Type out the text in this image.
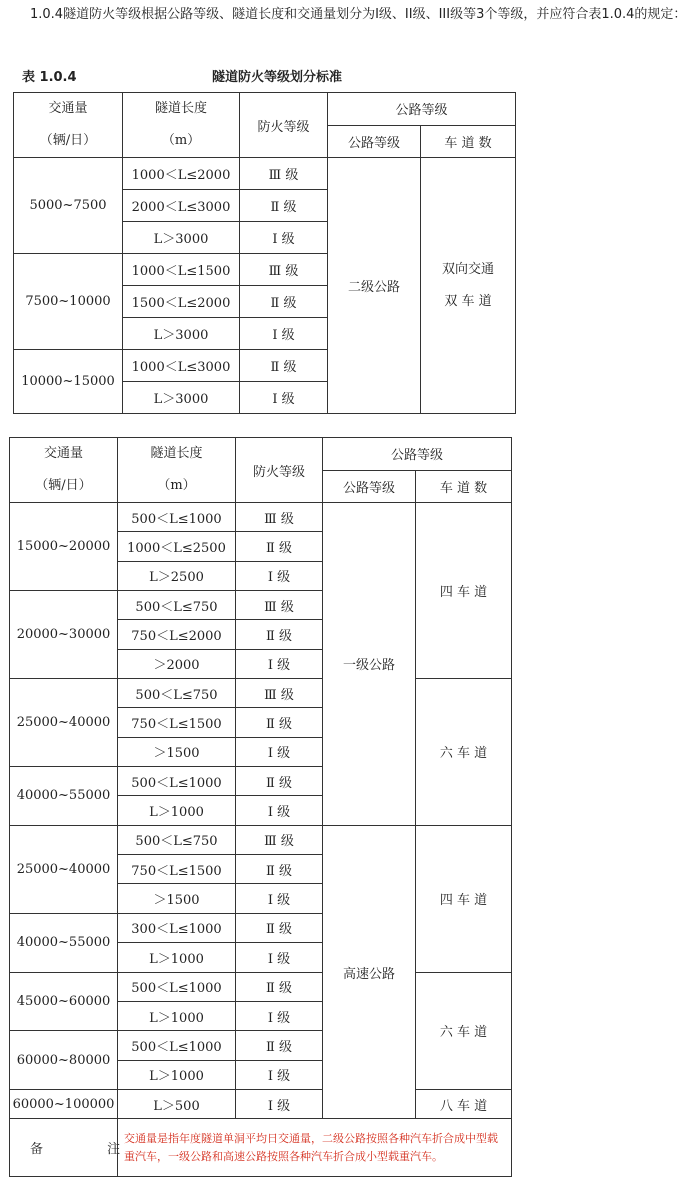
1.0.4隧道防火等级根据公路等级、隧道长度和交通量划分为I级、II级、III级等3个等级，并应符合表1.0.4的规定：

表 1.0.4	隧道防火等级划分标准
交通量
（辆/日）	隧道长度
（m）	防火等级	公路等级	
			公路等级	车 道 数
5000~7500	1000＜L≤2000	Ⅲ 级	二级公路	双向交通
双 车 道
	2000＜L≤3000	Ⅱ 级		
	L＞3000	Ⅰ 级		
7500~10000	1000＜L≤1500	Ⅲ 级		
	1500＜L≤2000	Ⅱ 级		
	L＞3000	Ⅰ 级		
10000~15000	1000＜L≤3000	Ⅱ 级		
	L＞3000	Ⅰ 级		
交通量
（辆/日）	隧道长度
（m）	防火等级	公路等级	
			公路等级	车 道 数
15000~20000	500＜L≤1000	Ⅲ 级	一级公路	四 车 道
	1000＜L≤2500	Ⅱ 级		
	L＞2500	Ⅰ 级		
20000~30000	500＜L≤750	Ⅲ 级		
	750＜L≤2000	Ⅱ 级		
	＞2000	Ⅰ 级		
25000~40000	500＜L≤750	Ⅲ 级		六 车 道
	750＜L≤1500	Ⅱ 级		
	＞1500	Ⅰ 级		
40000~55000	500＜L≤1000	Ⅱ 级		
	L＞1000	Ⅰ 级		
25000~40000	500＜L≤750	Ⅲ 级	高速公路	四 车 道
	750＜L≤1500	Ⅱ 级		
	＞1500	Ⅰ 级		
40000~55000	300＜L≤1000	Ⅱ 级		
	L＞1000	Ⅰ 级		
45000~60000	500＜L≤1000	Ⅱ 级		六 车 道
	L＞1000	Ⅰ 级		
60000~80000	500＜L≤1000	Ⅱ 级		
	L＞1000	Ⅰ 级		
60000~100000	L＞500	Ⅰ 级		八 车 道
备 注	交通量是指年度隧道单洞平均日交通量，二级公路按照各种汽车折合成中型载重汽车，一级公路和高速公路按照各种汽车折合成小型载重汽车。			
